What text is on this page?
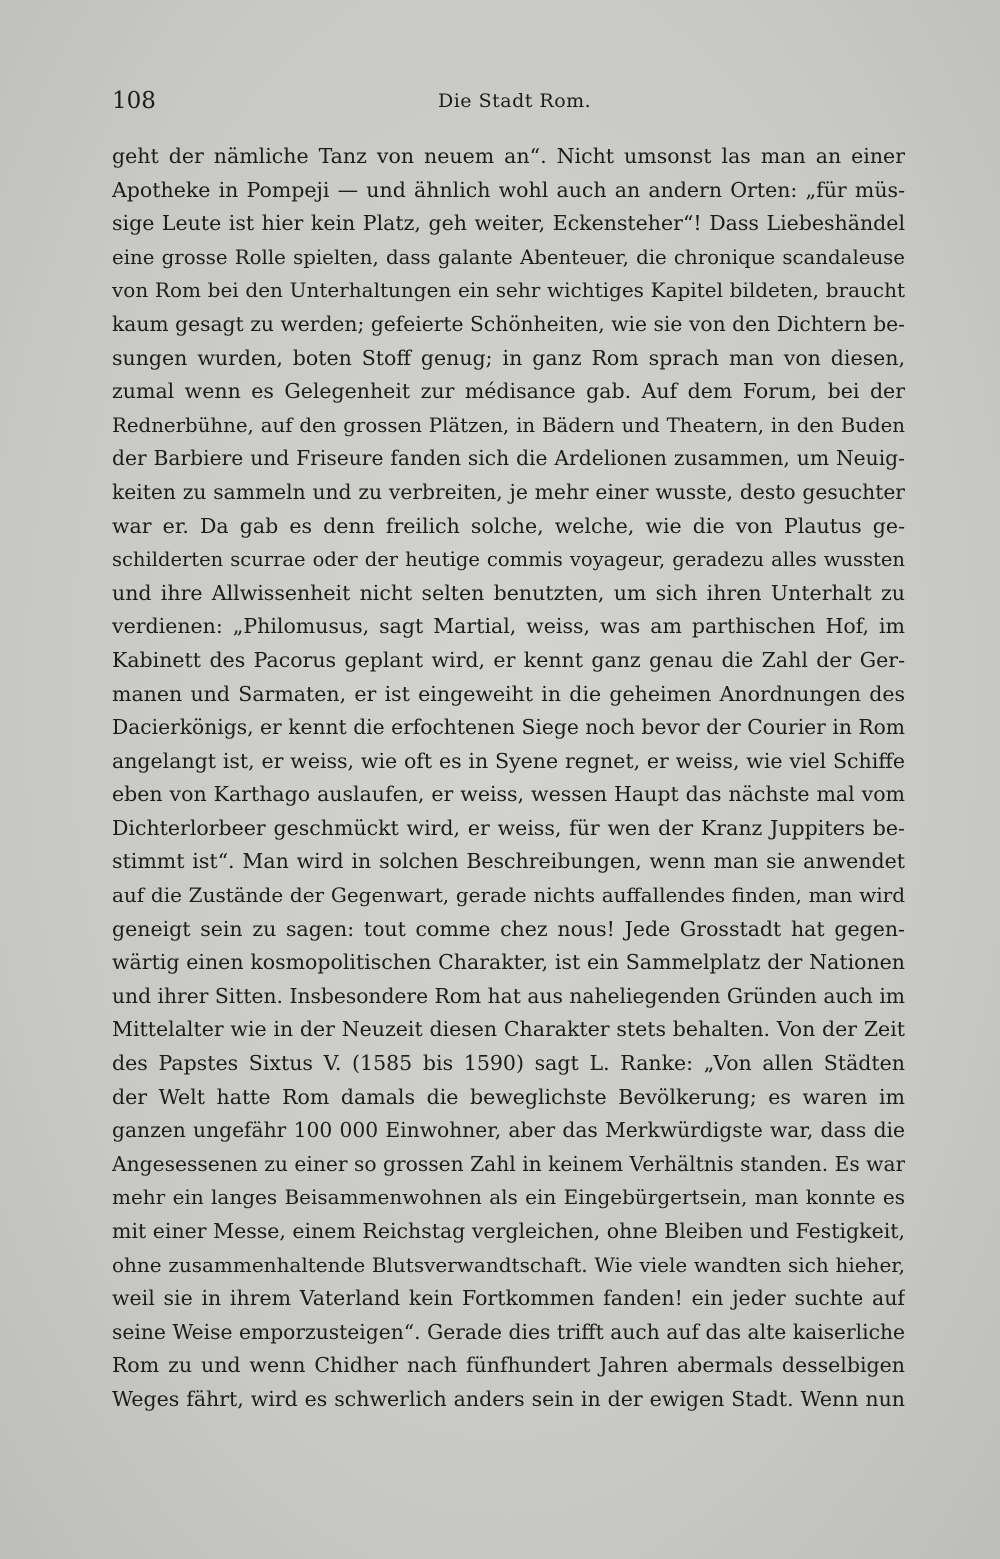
108	Die Stadt Rom.
geht der nämliche Tanz von neuem an“. Nicht umsonst las man an einer
Apotheke in Pompeji — und ähnlich wohl auch an andern Orten: „für müs-
sige Leute ist hier kein Platz, geh weiter, Eckensteher“! Dass Liebeshändel
eine grosse Rolle spielten, dass galante Abenteuer, die chronique scandaleuse
von Rom bei den Unterhaltungen ein sehr wichtiges Kapitel bildeten, braucht
kaum gesagt zu werden; gefeierte Schönheiten, wie sie von den Dichtern be-
sungen wurden, boten Stoff genug; in ganz Rom sprach man von diesen,
zumal wenn es Gelegenheit zur médisance gab. Auf dem Forum, bei der
Rednerbühne, auf den grossen Plätzen, in Bädern und Theatern, in den Buden
der Barbiere und Friseure fanden sich die Ardelionen zusammen, um Neuig-
keiten zu sammeln und zu verbreiten, je mehr einer wusste, desto gesuchter
war er. Da gab es denn freilich solche, welche, wie die von Plautus ge-
schilderten scurrae oder der heutige commis voyageur, geradezu alles wussten
und ihre Allwissenheit nicht selten benutzten, um sich ihren Unterhalt zu
verdienen: „Philomusus, sagt Martial, weiss, was am parthischen Hof, im
Kabinett des Pacorus geplant wird, er kennt ganz genau die Zahl der Ger-
manen und Sarmaten, er ist eingeweiht in die geheimen Anordnungen des
Dacierkönigs, er kennt die erfochtenen Siege noch bevor der Courier in Rom
angelangt ist, er weiss, wie oft es in Syene regnet, er weiss, wie viel Schiffe
eben von Karthago auslaufen, er weiss, wessen Haupt das nächste mal vom
Dichterlorbeer geschmückt wird, er weiss, für wen der Kranz Juppiters be-
stimmt ist“. Man wird in solchen Beschreibungen, wenn man sie anwendet
auf die Zustände der Gegenwart, gerade nichts auffallendes finden, man wird
geneigt sein zu sagen: tout comme chez nous! Jede Grosstadt hat gegen-
wärtig einen kosmopolitischen Charakter, ist ein Sammelplatz der Nationen
und ihrer Sitten. Insbesondere Rom hat aus naheliegenden Gründen auch im
Mittelalter wie in der Neuzeit diesen Charakter stets behalten. Von der Zeit
des Papstes Sixtus V. (1585 bis 1590) sagt L. Ranke: „Von allen Städten
der Welt hatte Rom damals die beweglichste Bevölkerung; es waren im
ganzen ungefähr 100 000 Einwohner, aber das Merkwürdigste war, dass die
Angesessenen zu einer so grossen Zahl in keinem Verhältnis standen. Es war
mehr ein langes Beisammenwohnen als ein Eingebürgertsein, man konnte es
mit einer Messe, einem Reichstag vergleichen, ohne Bleiben und Festigkeit,
ohne zusammenhaltende Blutsverwandtschaft. Wie viele wandten sich hieher,
weil sie in ihrem Vaterland kein Fortkommen fanden! ein jeder suchte auf
seine Weise emporzusteigen“. Gerade dies trifft auch auf das alte kaiserliche
Rom zu und wenn Chidher nach fünfhundert Jahren abermals desselbigen
Weges fährt, wird es schwerlich anders sein in der ewigen Stadt. Wenn nun
